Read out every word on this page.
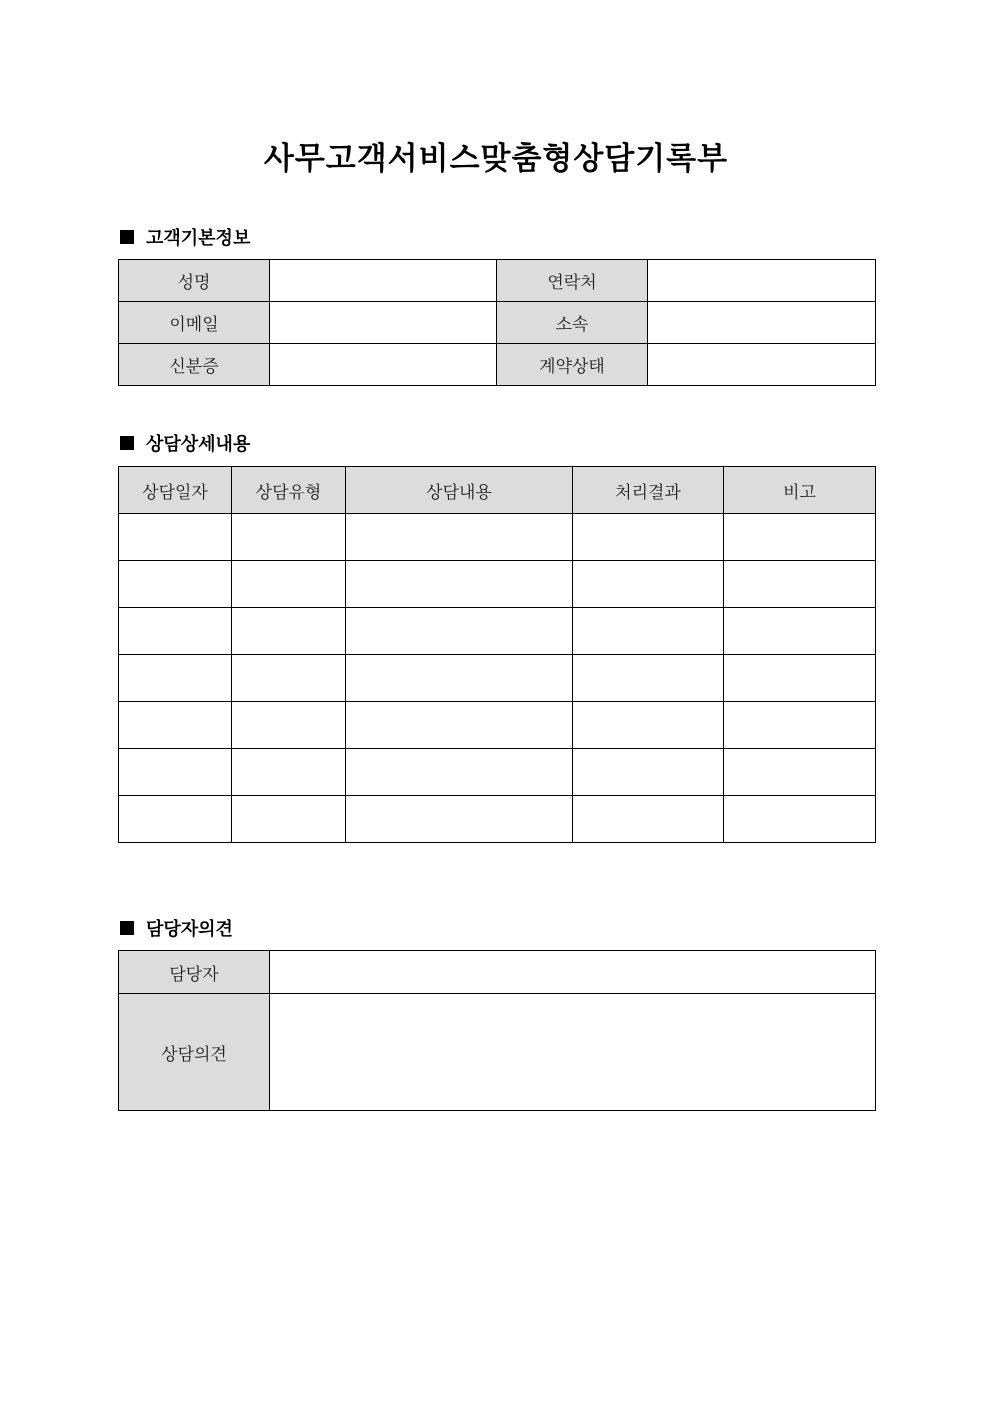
사무고객서비스맞춤형상담기록부
고객기본정보
성명		연락처	
이메일		소속	
신분증		계약상태	
상담상세내용
상담일자	상담유형	상담내용	처리결과	비고

담당자의견
담당자	
상담의견	
